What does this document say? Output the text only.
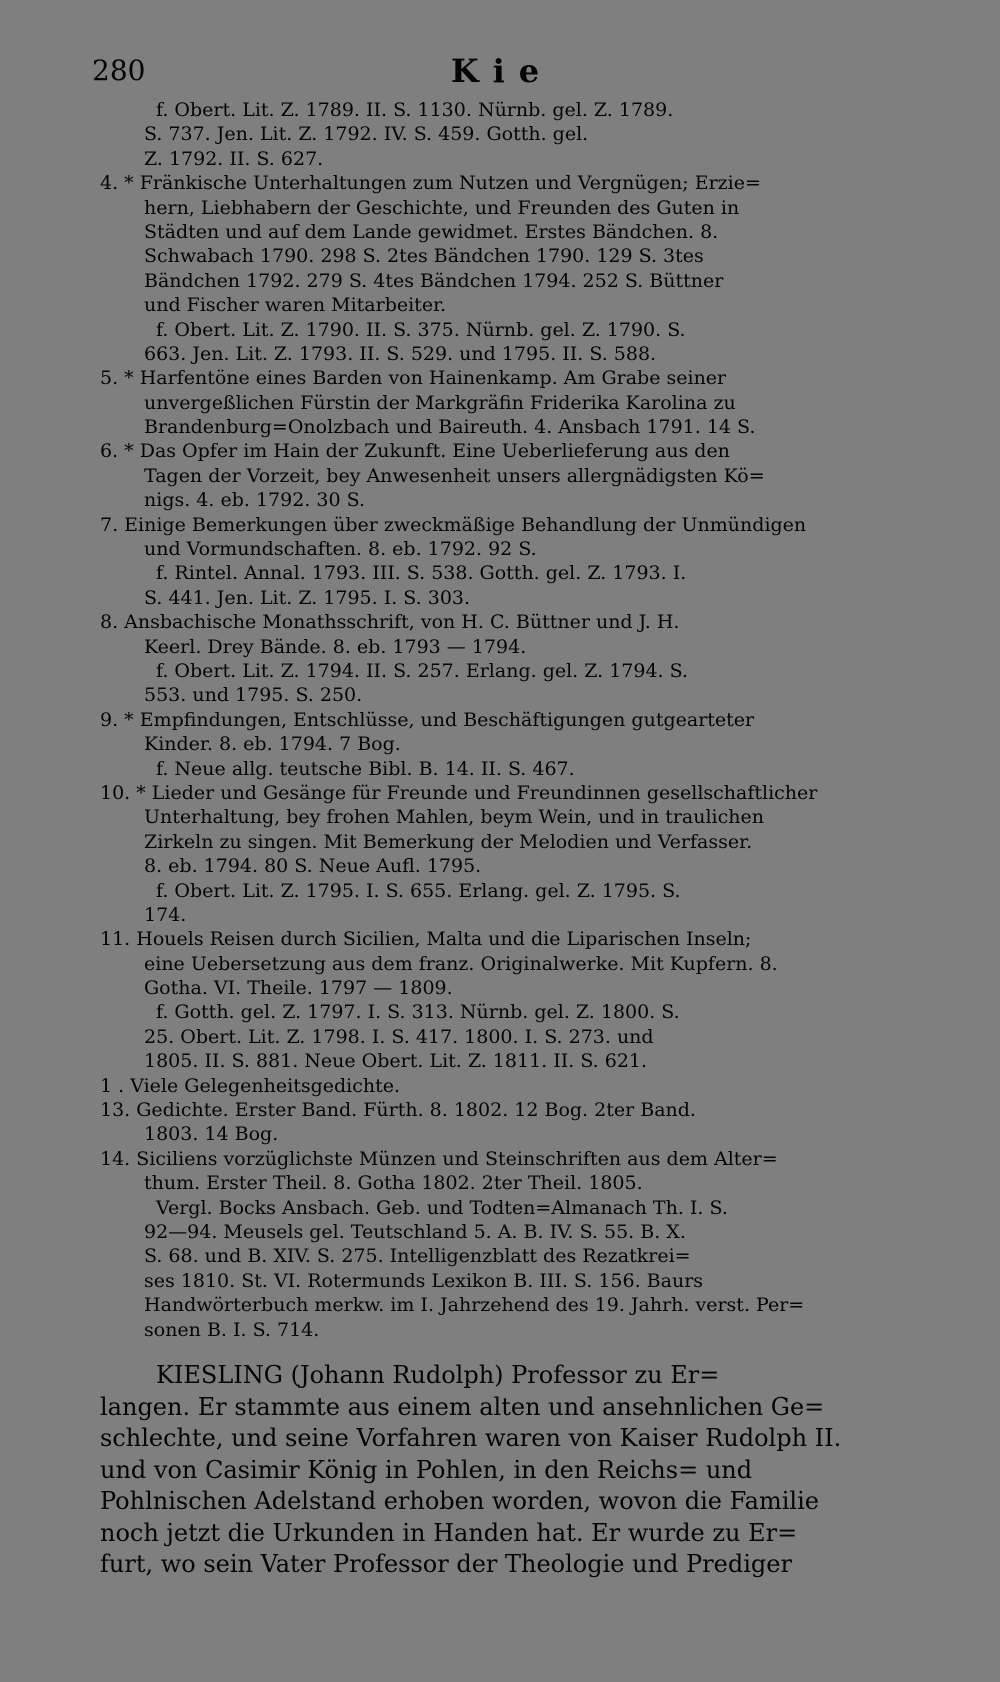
280	Kie
f. Obert. Lit. Z. 1789. II. S. 1130. Nürnb. gel. Z. 1789.
S. 737. Jen. Lit. Z. 1792. IV. S. 459. Gotth. gel.
Z. 1792. II. S. 627.
4. * Fränkische Unterhaltungen zum Nutzen und Vergnügen; Erzie=
hern, Liebhabern der Geschichte, und Freunden des Guten in
Städten und auf dem Lande gewidmet. Erstes Bändchen. 8.
Schwabach 1790. 298 S. 2tes Bändchen 1790. 129 S. 3tes
Bändchen 1792. 279 S. 4tes Bändchen 1794. 252 S. Büttner
und Fischer waren Mitarbeiter.
f. Obert. Lit. Z. 1790. II. S. 375. Nürnb. gel. Z. 1790. S.
663. Jen. Lit. Z. 1793. II. S. 529. und 1795. II. S. 588.
5. * Harfentöne eines Barden von Hainenkamp. Am Grabe seiner
unvergeßlichen Fürstin der Markgräfin Friderika Karolina zu
Brandenburg=Onolzbach und Baireuth. 4. Ansbach 1791. 14 S.
6. * Das Opfer im Hain der Zukunft. Eine Ueberlieferung aus den
Tagen der Vorzeit, bey Anwesenheit unsers allergnädigsten Kö=
nigs. 4. eb. 1792. 30 S.
7. Einige Bemerkungen über zweckmäßige Behandlung der Unmündigen
und Vormundschaften. 8. eb. 1792. 92 S.
f. Rintel. Annal. 1793. III. S. 538. Gotth. gel. Z. 1793. I.
S. 441. Jen. Lit. Z. 1795. I. S. 303.
8. Ansbachische Monathsschrift, von H. C. Büttner und J. H.
Keerl. Drey Bände. 8. eb. 1793 — 1794.
f. Obert. Lit. Z. 1794. II. S. 257. Erlang. gel. Z. 1794. S.
553. und 1795. S. 250.
9. * Empfindungen, Entschlüsse, und Beschäftigungen gutgearteter
Kinder. 8. eb. 1794. 7 Bog.
f. Neue allg. teutsche Bibl. B. 14. II. S. 467.
10. * Lieder und Gesänge für Freunde und Freundinnen gesellschaftlicher
Unterhaltung, bey frohen Mahlen, beym Wein, und in traulichen
Zirkeln zu singen. Mit Bemerkung der Melodien und Verfasser.
8. eb. 1794. 80 S. Neue Aufl. 1795.
f. Obert. Lit. Z. 1795. I. S. 655. Erlang. gel. Z. 1795. S.
174.
11. Houels Reisen durch Sicilien, Malta und die Liparischen Inseln;
eine Uebersetzung aus dem franz. Originalwerke. Mit Kupfern. 8.
Gotha. VI. Theile. 1797 — 1809.
f. Gotth. gel. Z. 1797. I. S. 313. Nürnb. gel. Z. 1800. S.
25. Obert. Lit. Z. 1798. I. S. 417. 1800. I. S. 273. und
1805. II. S. 881. Neue Obert. Lit. Z. 1811. II. S. 621.
1 . Viele Gelegenheitsgedichte.
13. Gedichte. Erster Band. Fürth. 8. 1802. 12 Bog. 2ter Band.
1803. 14 Bog.
14. Siciliens vorzüglichste Münzen und Steinschriften aus dem Alter=
thum. Erster Theil. 8. Gotha 1802. 2ter Theil. 1805.
Vergl. Bocks Ansbach. Geb. und Todten=Almanach Th. I. S.
92—94. Meusels gel. Teutschland 5. A. B. IV. S. 55. B. X.
S. 68. und B. XIV. S. 275. Intelligenzblatt des Rezatkrei=
ses 1810. St. VI. Rotermunds Lexikon B. III. S. 156. Baurs
Handwörterbuch merkw. im I. Jahrzehend des 19. Jahrh. verst. Per=
sonen B. I. S. 714.
KIESLING (Johann Rudolph) Professor zu Er=
langen. Er stammte aus einem alten und ansehnlichen Ge=
schlechte, und seine Vorfahren waren von Kaiser Rudolph II.
und von Casimir König in Pohlen, in den Reichs= und
Pohlnischen Adelstand erhoben worden, wovon die Familie
noch jetzt die Urkunden in Handen hat. Er wurde zu Er=
furt, wo sein Vater Professor der Theologie und Prediger
